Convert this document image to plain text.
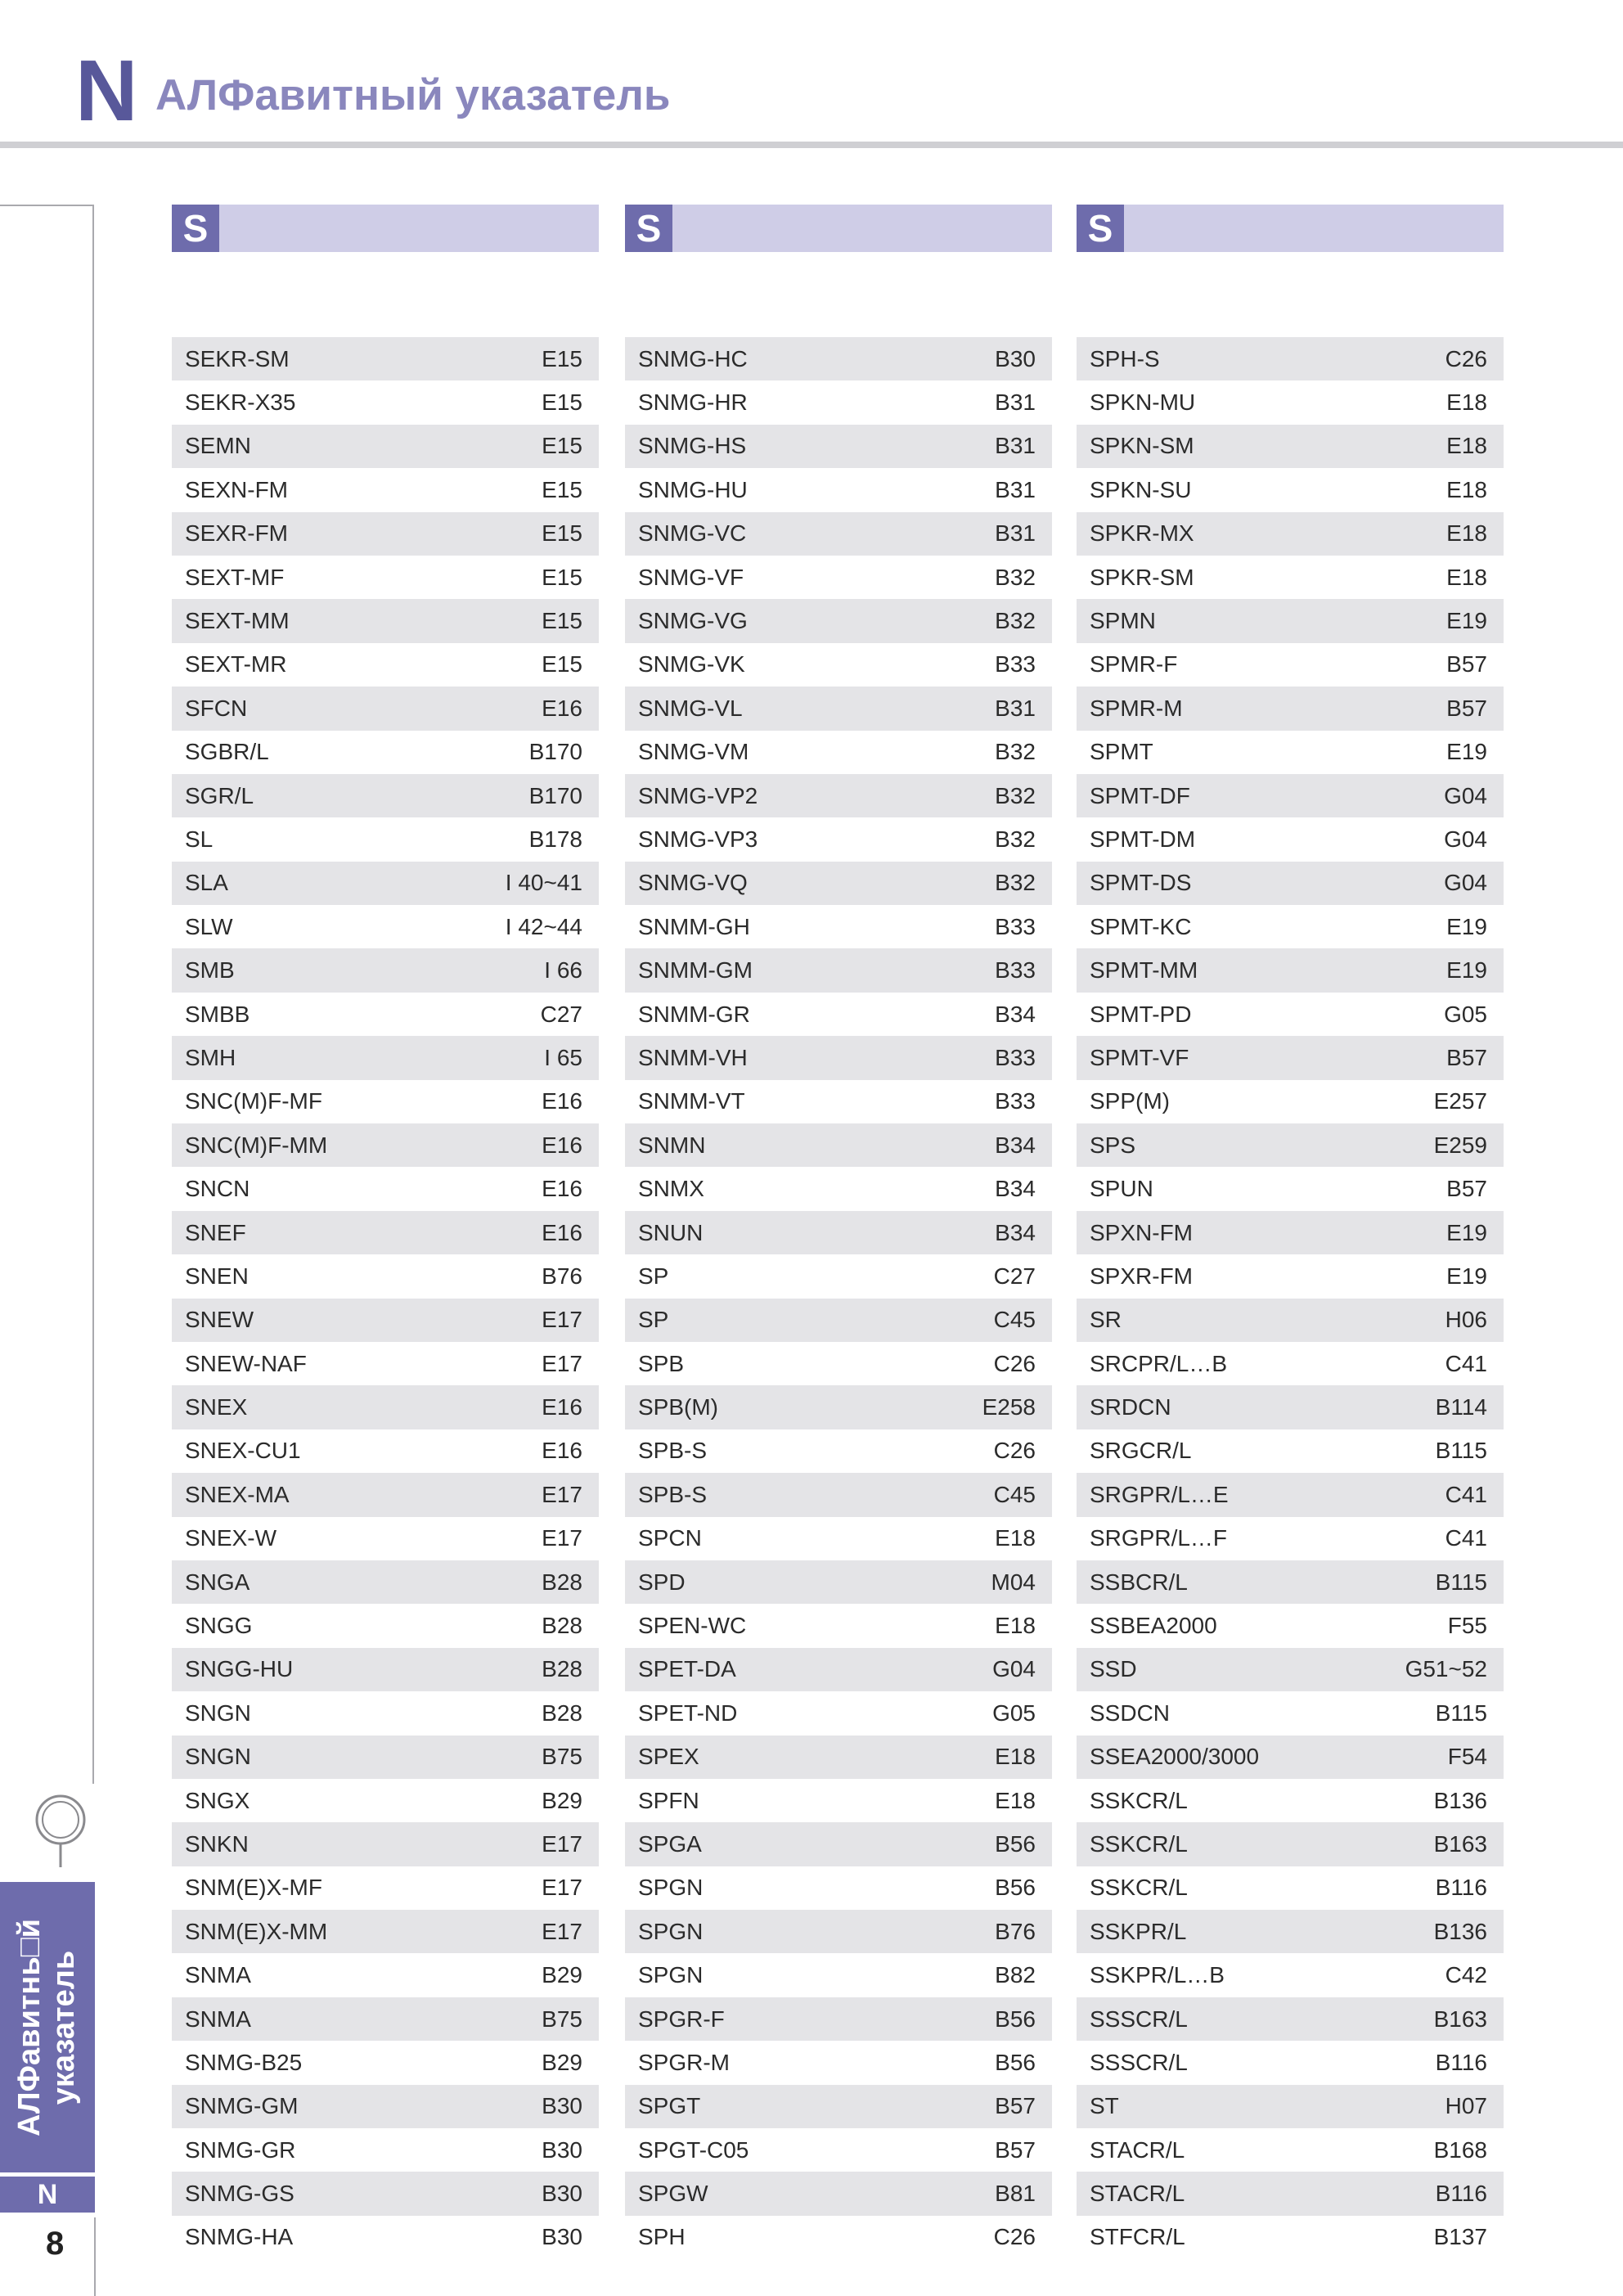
N АЛФавитный указатель
АЛФавитнь□й указатель
N
8
S
SEKR-SM	E15
SEKR-X35	E15
SEMN	E15
SEXN-FM	E15
SEXR-FM	E15
SEXT-MF	E15
SEXT-MM	E15
SEXT-MR	E15
SFCN	E16
SGBR/L	B170
SGR/L	B170
SL	B178
SLA	I 40~41
SLW	I 42~44
SMB	I 66
SMBB	C27
SMH	I 65
SNC(M)F-MF	E16
SNC(M)F-MM	E16
SNCN	E16
SNEF	E16
SNEN	B76
SNEW	E17
SNEW-NAF	E17
SNEX	E16
SNEX-CU1	E16
SNEX-MA	E17
SNEX-W	E17
SNGA	B28
SNGG	B28
SNGG-HU	B28
SNGN	B28
SNGN	B75
SNGX	B29
SNKN	E17
SNM(E)X-MF	E17
SNM(E)X-MM	E17
SNMA	B29
SNMA	B75
SNMG-B25	B29
SNMG-GM	B30
SNMG-GR	B30
SNMG-GS	B30
SNMG-HA	B30
S
SNMG-HC	B30
SNMG-HR	B31
SNMG-HS	B31
SNMG-HU	B31
SNMG-VC	B31
SNMG-VF	B32
SNMG-VG	B32
SNMG-VK	B33
SNMG-VL	B31
SNMG-VM	B32
SNMG-VP2	B32
SNMG-VP3	B32
SNMG-VQ	B32
SNMM-GH	B33
SNMM-GM	B33
SNMM-GR	B34
SNMM-VH	B33
SNMM-VT	B33
SNMN	B34
SNMX	B34
SNUN	B34
SP	C27
SP	C45
SPB	C26
SPB(M)	E258
SPB-S	C26
SPB-S	C45
SPCN	E18
SPD	M04
SPEN-WC	E18
SPET-DA	G04
SPET-ND	G05
SPEX	E18
SPFN	E18
SPGA	B56
SPGN	B56
SPGN	B76
SPGN	B82
SPGR-F	B56
SPGR-M	B56
SPGT	B57
SPGT-C05	B57
SPGW	B81
SPH	C26
S
SPH-S	C26
SPKN-MU	E18
SPKN-SM	E18
SPKN-SU	E18
SPKR-MX	E18
SPKR-SM	E18
SPMN	E19
SPMR-F	B57
SPMR-M	B57
SPMT	E19
SPMT-DF	G04
SPMT-DM	G04
SPMT-DS	G04
SPMT-KC	E19
SPMT-MM	E19
SPMT-PD	G05
SPMT-VF	B57
SPP(M)	E257
SPS	E259
SPUN	B57
SPXN-FM	E19
SPXR-FM	E19
SR	H06
SRCPR/L…B	C41
SRDCN	B114
SRGCR/L	B115
SRGPR/L…E	C41
SRGPR/L…F	C41
SSBCR/L	B115
SSBEA2000	F55
SSD	G51~52
SSDCN	B115
SSEA2000/3000	F54
SSKCR/L	B136
SSKCR/L	B163
SSKCR/L	B116
SSKPR/L	B136
SSKPR/L…B	C42
SSSCR/L	B163
SSSCR/L	B116
ST	H07
STACR/L	B168
STACR/L	B116
STFCR/L	B137
